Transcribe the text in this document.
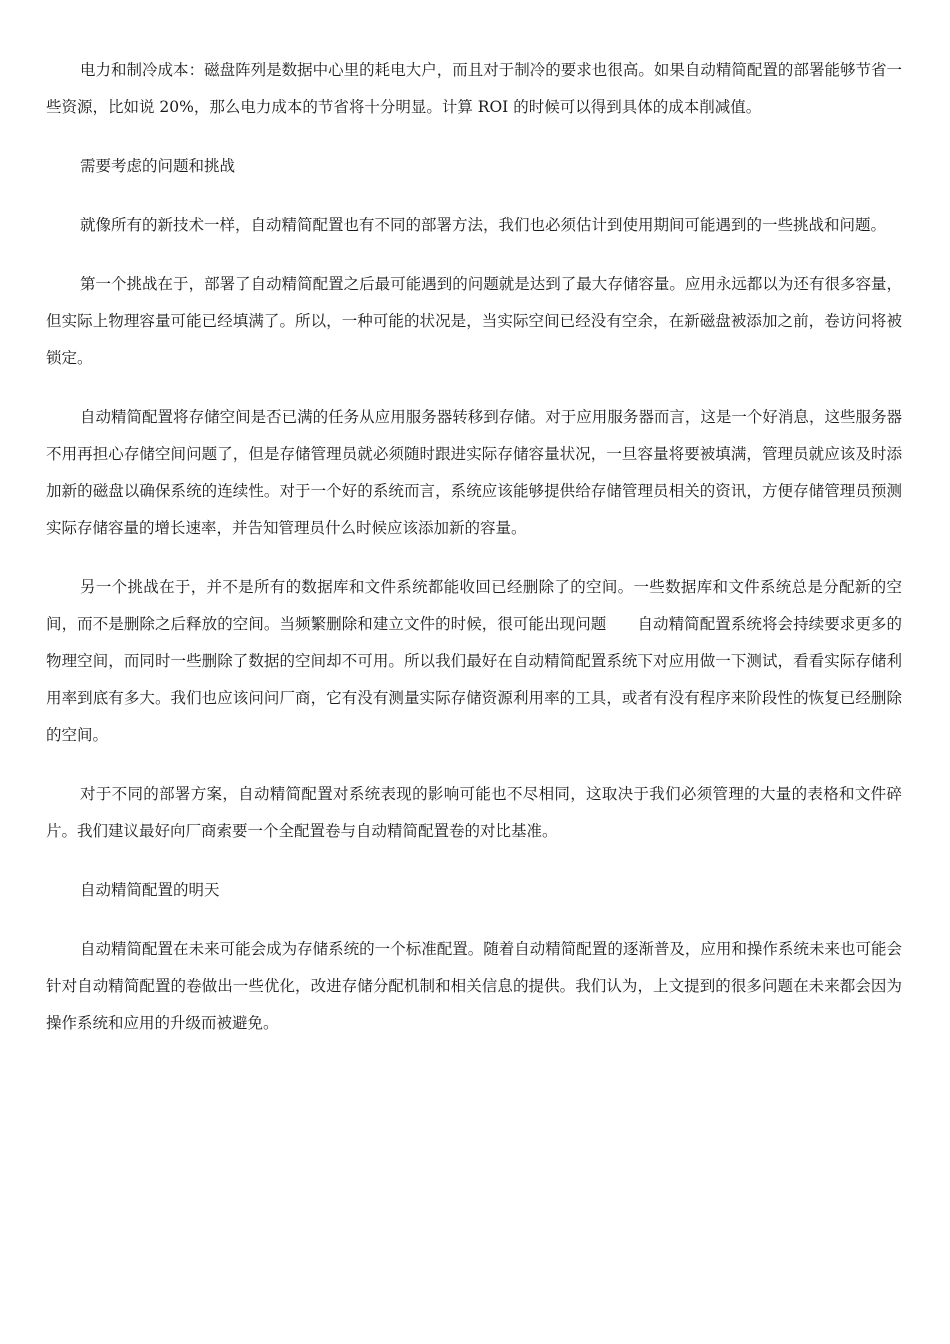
电力和制冷成本：磁盘阵列是数据中心里的耗电大户，而且对于制冷的要求也很高。如果自动精简配置的部署能够节省一些资源，比如说 20%，那么电力成本的节省将十分明显。计算 ROI 的时候可以得到具体的成本削减值。

需要考虑的问题和挑战

就像所有的新技术一样，自动精简配置也有不同的部署方法，我们也必须估计到使用期间可能遇到的一些挑战和问题。

第一个挑战在于，部署了自动精简配置之后最可能遇到的问题就是达到了最大存储容量。应用永远都以为还有很多容量，但实际上物理容量可能已经填满了。所以，一种可能的状况是，当实际空间已经没有空余，在新磁盘被添加之前，卷访问将被锁定。

自动精简配置将存储空间是否已满的任务从应用服务器转移到存储。对于应用服务器而言，这是一个好消息，这些服务器不用再担心存储空间问题了，但是存储管理员就必须随时跟进实际存储容量状况，一旦容量将要被填满，管理员就应该及时添加新的磁盘以确保系统的连续性。对于一个好的系统而言，系统应该能够提供给存储管理员相关的资讯，方便存储管理员预测实际存储容量的增长速率，并告知管理员什么时候应该添加新的容量。

另一个挑战在于，并不是所有的数据库和文件系统都能收回已经删除了的空间。一些数据库和文件系统总是分配新的空间，而不是删除之后释放的空间。当频繁删除和建立文件的时候，很可能出现问题　　自动精简配置系统将会持续要求更多的物理空间，而同时一些删除了数据的空间却不可用。所以我们最好在自动精简配置系统下对应用做一下测试，看看实际存储利用率到底有多大。我们也应该问问厂商，它有没有测量实际存储资源利用率的工具，或者有没有程序来阶段性的恢复已经删除的空间。

对于不同的部署方案，自动精简配置对系统表现的影响可能也不尽相同，这取决于我们必须管理的大量的表格和文件碎片。我们建议最好向厂商索要一个全配置卷与自动精简配置卷的对比基准。

自动精简配置的明天

自动精简配置在未来可能会成为存储系统的一个标准配置。随着自动精简配置的逐渐普及，应用和操作系统未来也可能会针对自动精简配置的卷做出一些优化，改进存储分配机制和相关信息的提供。我们认为，上文提到的很多问题在未来都会因为操作系统和应用的升级而被避免。
